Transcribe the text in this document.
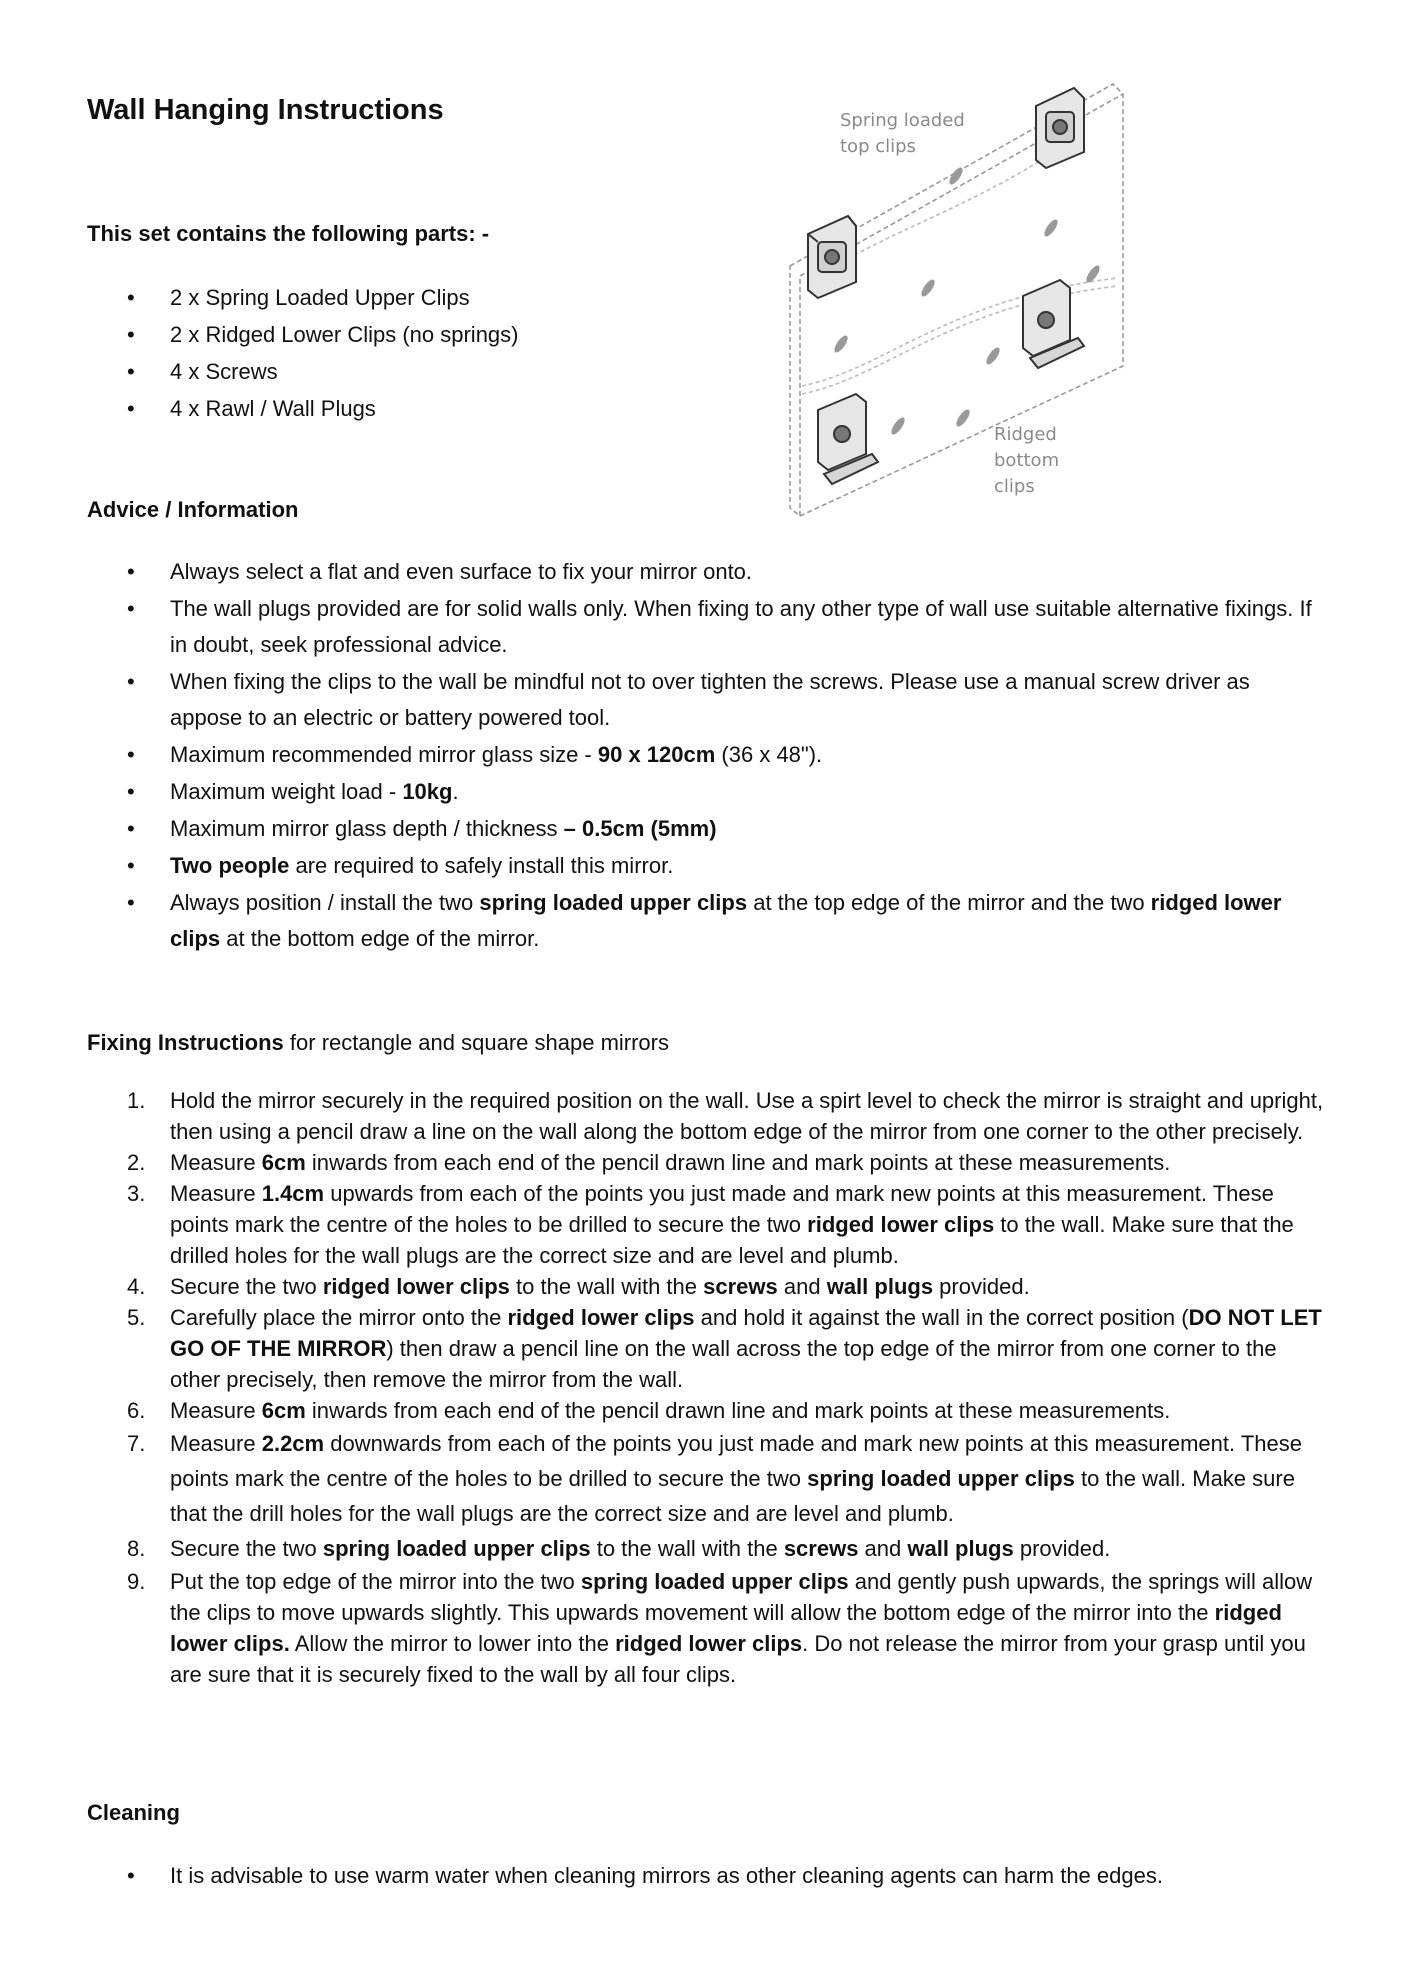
Wall Hanging Instructions

This set contains the following parts: -

• 2 x Spring Loaded Upper Clips
• 2 x Ridged Lower Clips (no springs)
• 4 x Screws
• 4 x Rawl / Wall Plugs
Spring loaded
top clips
Ridged
bottom
clips

Advice / Information

• Always select a flat and even surface to fix your mirror onto.
• The wall plugs provided are for solid walls only. When fixing to any other type of wall use suitable alternative fixings. If in doubt, seek professional advice.
• When fixing the clips to the wall be mindful not to over tighten the screws. Please use a manual screw driver as appose to an electric or battery powered tool.
• Maximum recommended mirror glass size - 90 x 120cm (36 x 48").
• Maximum weight load - 10kg.
• Maximum mirror glass depth / thickness – 0.5cm (5mm)
• Two people are required to safely install this mirror.
• Always position / install the two spring loaded upper clips at the top edge of the mirror and the two ridged lower clips at the bottom edge of the mirror.

Fixing Instructions for rectangle and square shape mirrors

1. Hold the mirror securely in the required position on the wall. Use a spirt level to check the mirror is straight and upright, then using a pencil draw a line on the wall along the bottom edge of the mirror from one corner to the other precisely.
2. Measure 6cm inwards from each end of the pencil drawn line and mark points at these measurements.
3. Measure 1.4cm upwards from each of the points you just made and mark new points at this measurement. These points mark the centre of the holes to be drilled to secure the two ridged lower clips to the wall. Make sure that the drilled holes for the wall plugs are the correct size and are level and plumb.
4. Secure the two ridged lower clips to the wall with the screws and wall plugs provided.
5. Carefully place the mirror onto the ridged lower clips and hold it against the wall in the correct position (DO NOT LET GO OF THE MIRROR) then draw a pencil line on the wall across the top edge of the mirror from one corner to the other precisely, then remove the mirror from the wall.
6. Measure 6cm inwards from each end of the pencil drawn line and mark points at these measurements.
7. Measure 2.2cm downwards from each of the points you just made and mark new points at this measurement. These points mark the centre of the holes to be drilled to secure the two spring loaded upper clips to the wall. Make sure that the drill holes for the wall plugs are the correct size and are level and plumb.
8. Secure the two spring loaded upper clips to the wall with the screws and wall plugs provided.
9. Put the top edge of the mirror into the two spring loaded upper clips and gently push upwards, the springs will allow the clips to move upwards slightly. This upwards movement will allow the bottom edge of the mirror into the ridged lower clips. Allow the mirror to lower into the ridged lower clips. Do not release the mirror from your grasp until you are sure that it is securely fixed to the wall by all four clips.

Cleaning

• It is advisable to use warm water when cleaning mirrors as other cleaning agents can harm the edges.
